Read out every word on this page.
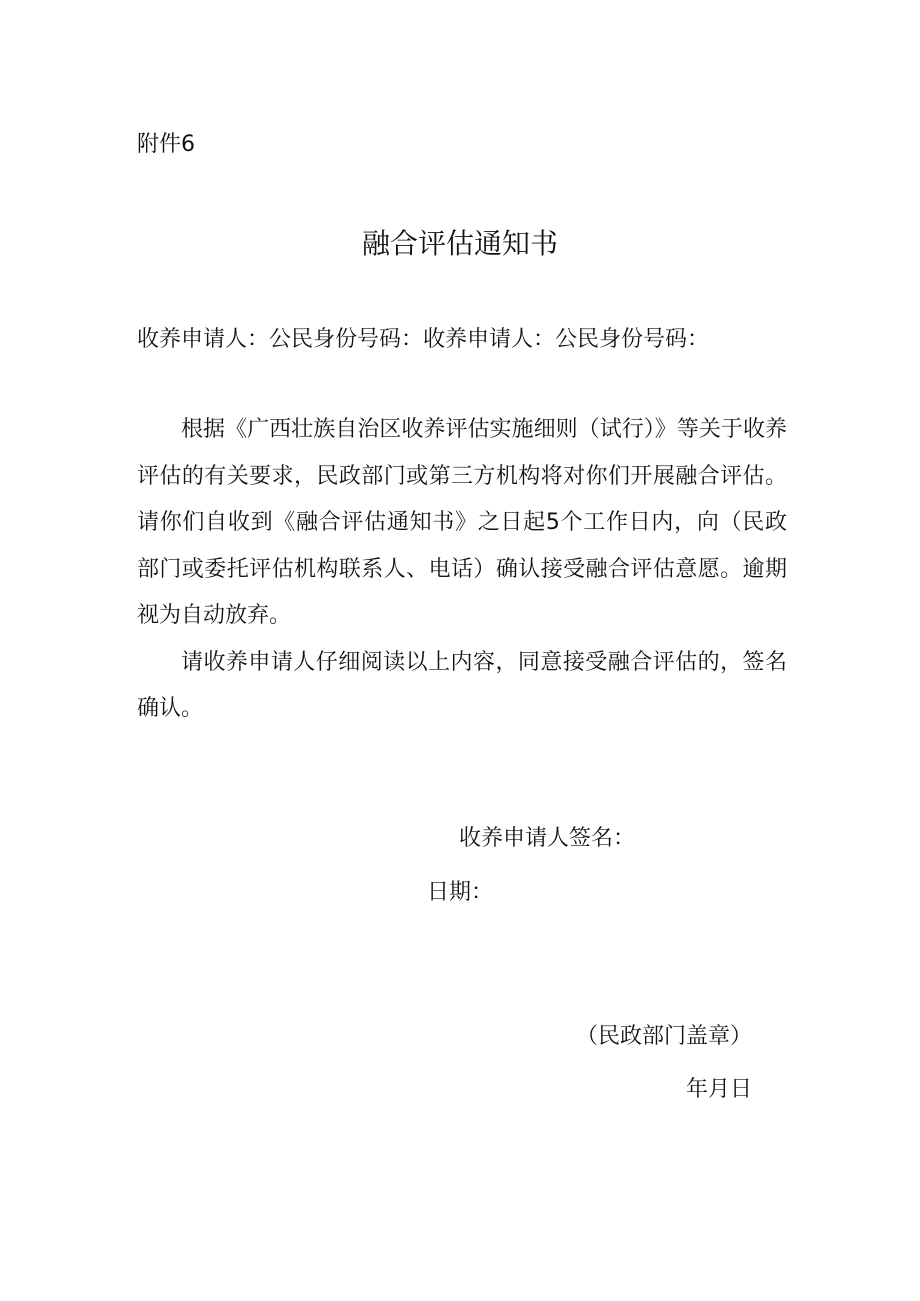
附件6
融合评估通知书
收养申请人：公民身份号码：收养申请人：公民身份号码：

根据《广西壮族自治区收养评估实施细则（试行）》等关于收养评估的有关要求，民政部门或第三方机构将对你们开展融合评估。请你们自收到《融合评估通知书》之日起5个工作日内，向（民政部门或委托评估机构联系人、电话）确认接受融合评估意愿。逾期视为自动放弃。

请收养申请人仔细阅读以上内容，同意接受融合评估的，签名确认。

收养申请人签名：
日期：
（民政部门盖章）
年月日
